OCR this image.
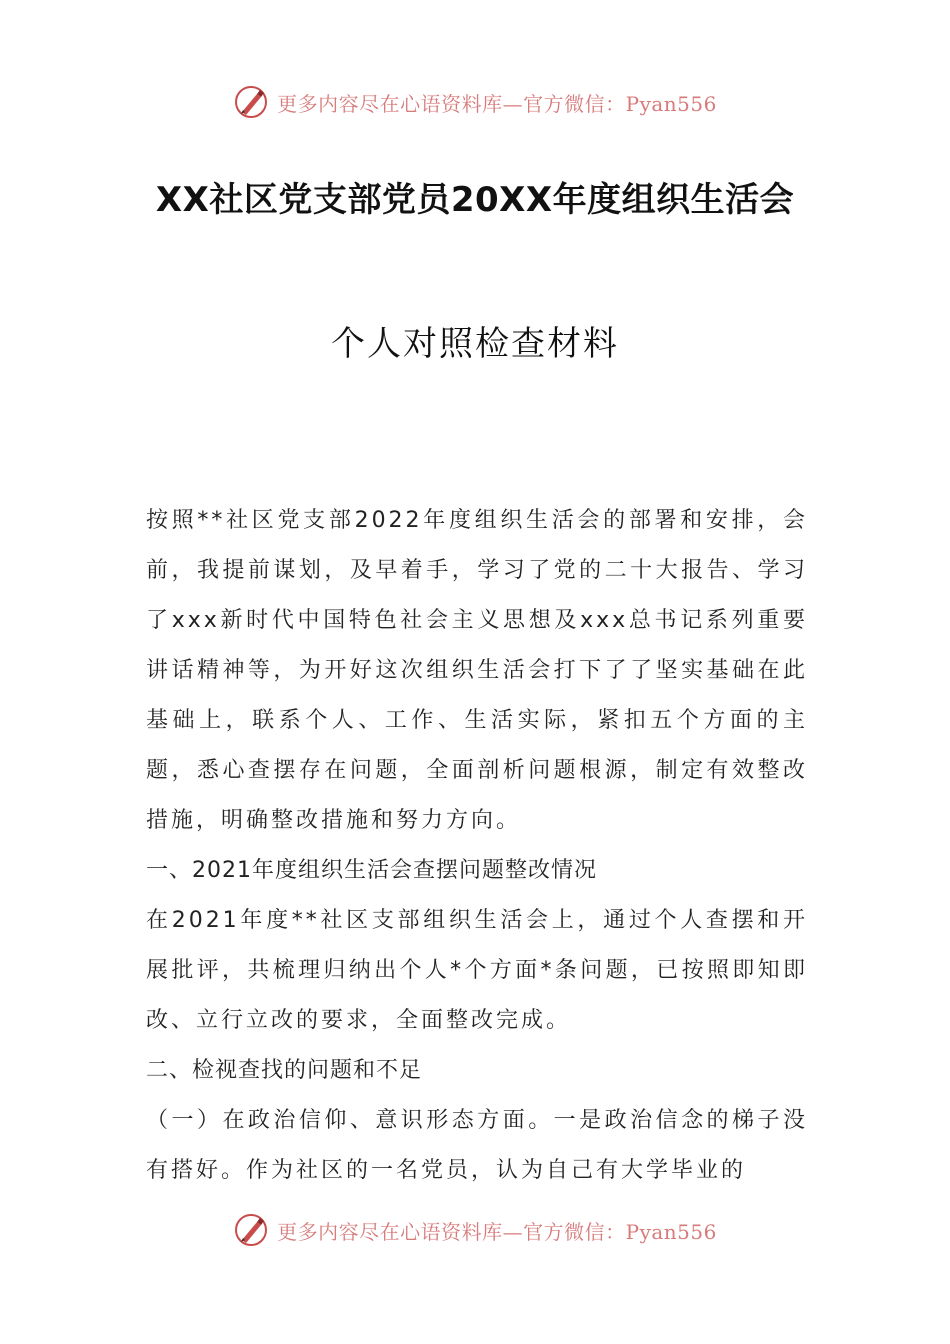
更多内容尽在心语资料库—官方微信：Pyan556
XX社区党支部党员20XX年度组织生活会
个人对照检查材料

按照**社区党支部2022年度组织生活会的部署和安排，会前，我提前谋划，及早着手，学习了党的二十大报告、学习了xxx新时代中国特色社会主义思想及xxx总书记系列重要讲话精神等，为开好这次组织生活会打下了了坚实基础在此基础上，联系个人、工作、生活实际，紧扣五个方面的主题，悉心查摆存在问题，全面剖析问题根源，制定有效整改措施，明确整改措施和努力方向。

一、2021年度组织生活会查摆问题整改情况

在2021年度**社区支部组织生活会上，通过个人查摆和开展批评，共梳理归纳出个人*个方面*条问题，已按照即知即改、立行立改的要求，全面整改完成。

二、检视查找的问题和不足

（一）在政治信仰、意识形态方面。一是政治信念的梯子没有搭好。作为社区的一名党员，认为自己有大学毕业的

更多内容尽在心语资料库—官方微信：Pyan556
